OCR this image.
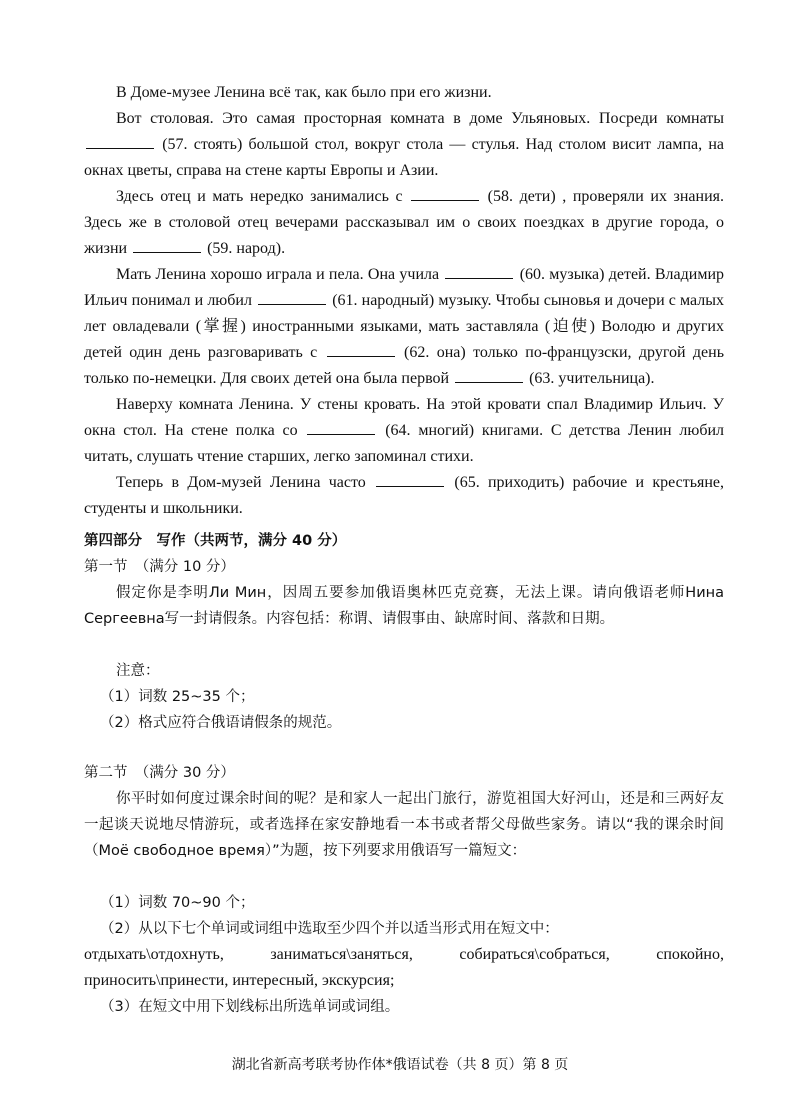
В Доме-музее Ленина всё так, как было при его жизни.

Вот столовая. Это самая просторная комната в доме Ульяновых. Посреди комнаты  (57. стоять) большой стол, вокруг стола — стулья. Над столом висит лампа, на окнах цветы, справа на стене карты Европы и Азии.

Здесь отец и мать нередко занимались с	(58. дети) , проверяли их знания. Здесь же в столовой отец вечерами рассказывал им о своих поездках в другие города, о жизни	(59. народ).

Мать Ленина хорошо играла и пела. Она учила	(60. музыка) детей. Владимир Ильич понимал и любил	(61. народный) музыку. Чтобы сыновья и дочери с малых лет овладевали (掌握) иностранными языками, мать заставляла (迫使) Володю и других детей один день разговаривать с	(62. она) только по-французски, другой день только по-немецки. Для своих детей она была первой	(63. учительница).

Наверху комната Ленина. У стены кровать. На этой кровати спал Владимир Ильич. У окна стол. На стене полка со	(64. многий) книгами. С детства Ленин любил читать, слушать чтение старших, легко запоминал стихи.

Теперь в Дом-музей Ленина часто	(65. приходить) рабочие и крестьяне, студенты и школьники.

第四部分　写作（共两节，满分 40 分）

第一节　（满分 10 分）

假定你是李明Ли Мин，因周五要参加俄语奥林匹克竞赛，无法上课。请向俄语老师Нина Сергеевна写一封请假条。内容包括：称谓、请假事由、缺席时间、落款和日期。

注意：

（1）词数 25~35 个；

（2）格式应符合俄语请假条的规范。

第二节　（满分 30 分）

你平时如何度过课余时间的呢？是和家人一起出门旅行，游览祖国大好河山，还是和三两好友一起谈天说地尽情游玩，或者选择在家安静地看一本书或者帮父母做些家务。请以“我的课余时间（Моё свободное время）”为题，按下列要求用俄语写一篇短文：

（1）词数 70~90 个；

（2）从以下七个单词或词组中选取至少四个并以适当形式用在短文中：

отдыхать\отдохнуть,　　заниматься\заняться,　　собираться\собраться,　　спокойно, приносить\принести, интересный, экскурсия;

（3）在短文中用下划线标出所选单词或词组。

湖北省新高考联考协作体*俄语试卷（共 8 页）第 8 页
